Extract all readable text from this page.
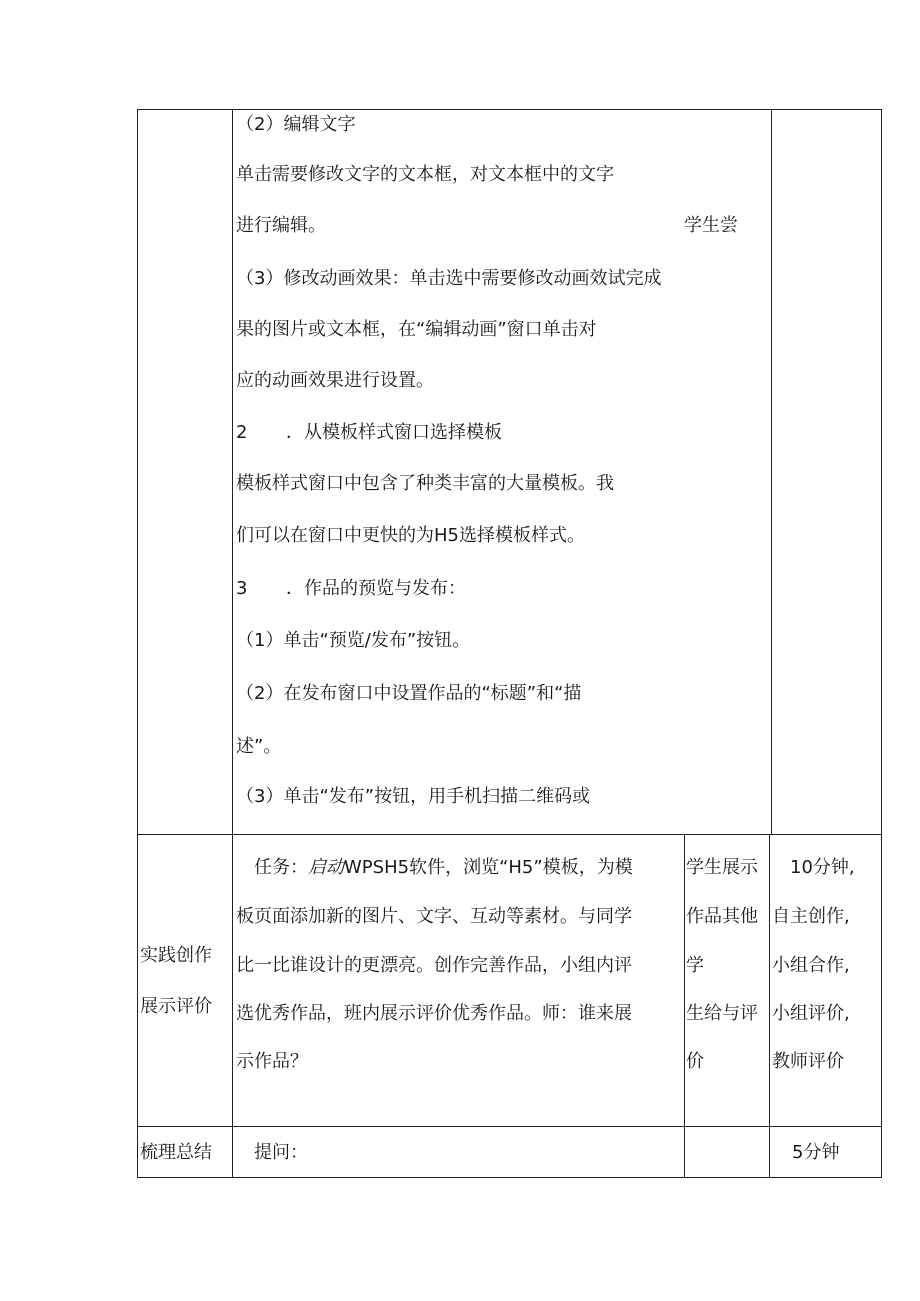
（2）编辑文字
单击需要修改文字的文本框，对文本框中的文字
进行编辑。	学生尝
（3）修改动画效果：单击选中需要修改动画效试完成
果的图片或文本框，在“编辑动画”窗口单击对
应的动画效果进行设置。
2 ．从模板样式窗口选择模板
模板样式窗口中包含了种类丰富的大量模板。我
们可以在窗口中更快的为H5选择模板样式。
3 ．作品的预览与发布：
（1）单击“预览/发布”按钮。
（2）在发布窗口中设置作品的“标题”和“描
述”。
（3）单击“发布”按钮，用手机扫描二维码或
实践创作
展示评价
任务：启动WPSH5软件，浏览“H5”模板，为模
板页面添加新的图片、文字、互动等素材。与同学
比一比谁设计的更漂亮。创作完善作品，小组内评
选优秀作品，班内展示评价优秀作品。师：谁来展
示作品？
学生展示
作品其他
学
生给与评
价
10分钟,
自主创作,
小组合作,
小组评价,
教师评价
梳理总结 提问：	5分钟
